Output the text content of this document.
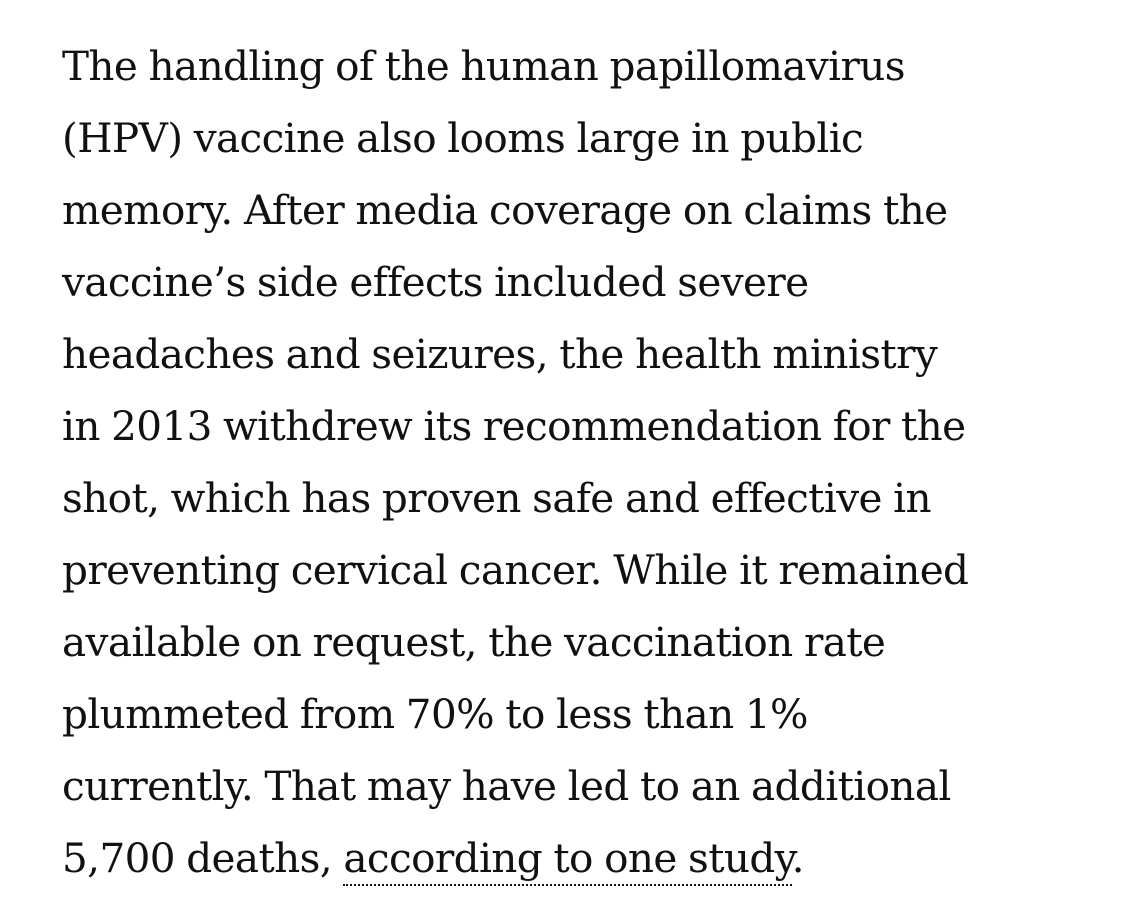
The handling of the human papillomavirus
(HPV) vaccine also looms large in public
memory. After media coverage on claims the
vaccine’s side effects included severe
headaches and seizures, the health ministry
in 2013 withdrew its recommendation for the
shot, which has proven safe and effective in
preventing cervical cancer. While it remained
available on request, the vaccination rate
plummeted from 70% to less than 1%
currently. That may have led to an additional
5,700 deaths, according to one study.
